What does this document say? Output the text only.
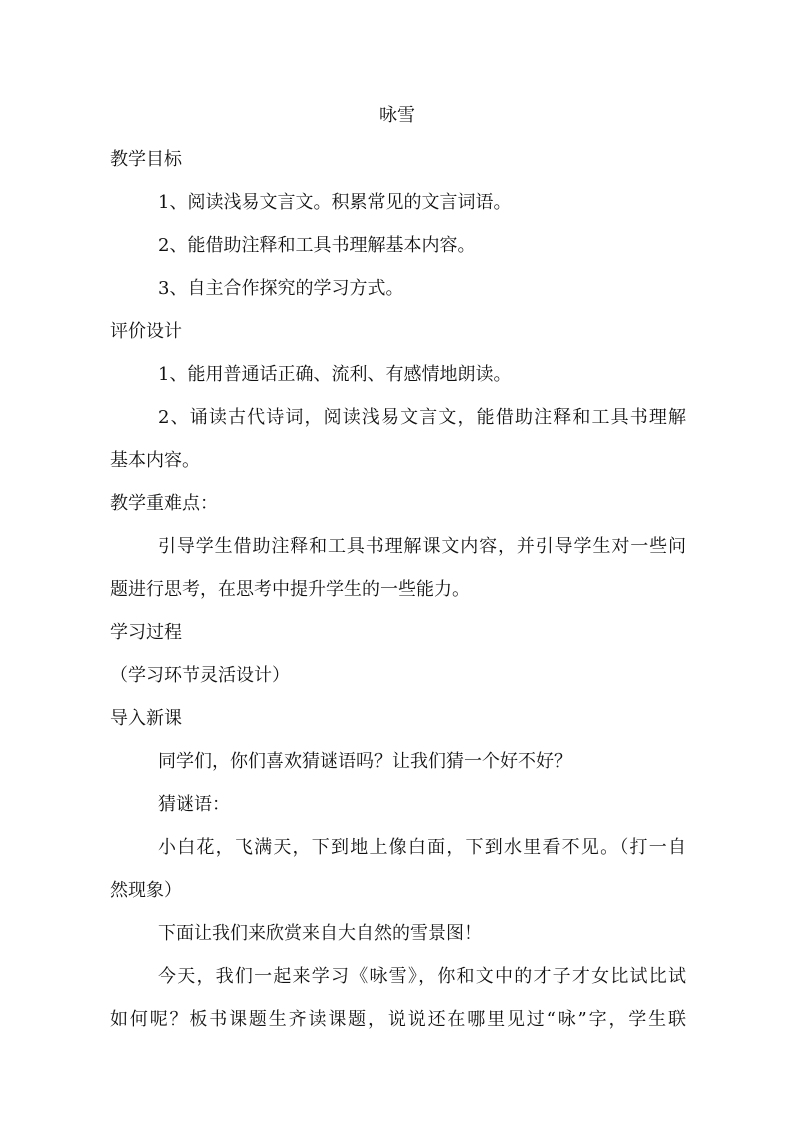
咏雪
教学目标
1、阅读浅易文言文。积累常见的文言词语。
2、能借助注释和工具书理解基本内容。
3、自主合作探究的学习方式。
评价设计
1、能用普通话正确、流利、有感情地朗读。
2、诵读古代诗词，阅读浅易文言文，能借助注释和工具书理解
基本内容。
教学重难点：
引导学生借助注释和工具书理解课文内容，并引导学生对一些问
题进行思考，在思考中提升学生的一些能力。
学习过程
（学习环节灵活设计）
导入新课
同学们，你们喜欢猜谜语吗？让我们猜一个好不好？
猜谜语：
小白花，飞满天，下到地上像白面，下到水里看不见。（打一自
然现象）
下面让我们来欣赏来自大自然的雪景图！
今天，我们一起来学习《咏雪》，你和文中的才子才女比试比试
如何呢？板书课题生齐读课题，说说还在哪里见过“咏”字，学生联
